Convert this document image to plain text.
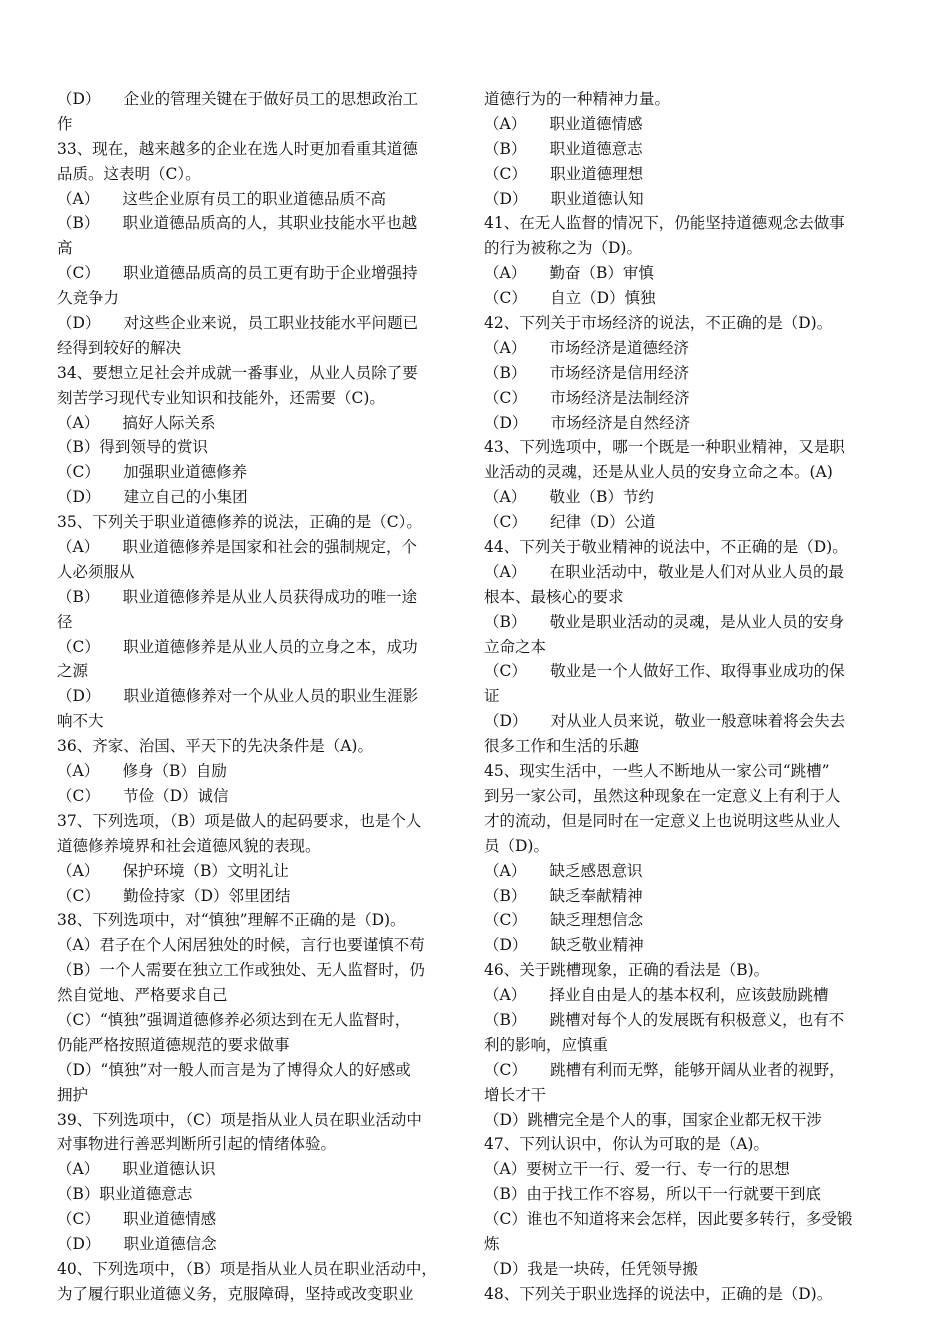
（D）　　企业的管理关键在于做好员工的思想政治工
作
33、现在，越来越多的企业在选人时更加看重其道德
品质。这表明（C）。
（A）　　这些企业原有员工的职业道德品质不高
（B）　　职业道德品质高的人，其职业技能水平也越
高
（C）　　职业道德品质高的员工更有助于企业增强持
久竞争力
（D）　　对这些企业来说，员工职业技能水平问题已
经得到较好的解决
34、要想立足社会并成就一番事业，从业人员除了要
刻苦学习现代专业知识和技能外，还需要（C)。
（A）　　搞好人际关系
（B）得到领导的赏识
（C）　　加强职业道德修养
（D）　　建立自己的小集团
35、下列关于职业道德修养的说法，正确的是（C）。
（A）　　职业道德修养是国家和社会的强制规定，个
人必须服从
（B）　　职业道德修养是从业人员获得成功的唯一途
径
（C）　　职业道德修养是从业人员的立身之本，成功
之源
（D）　　职业道德修养对一个从业人员的职业生涯影
响不大
36、齐家、治国、平天下的先决条件是（A)。
（A）　　修身（B）自励
（C）　　节俭（D）诚信
37、下列选项，（B）项是做人的起码要求，也是个人
道德修养境界和社会道德风貌的表现。
（A）　　保护环境（B）文明礼让
（C）　　勤俭持家（D）邻里团结
38、下列选项中，对“慎独”理解不正确的是（D)。
（A）君子在个人闲居独处的时候，言行也要谨慎不苟
（B）一个人需要在独立工作或独处、无人监督时，仍
然自觉地、严格要求自己
（C）“慎独”强调道德修养必须达到在无人监督时，
仍能严格按照道德规范的要求做事
（D）“慎独”对一般人而言是为了博得众人的好感或
拥护
39、下列选项中，（C）项是指从业人员在职业活动中
对事物进行善恶判断所引起的情绪体验。
（A）　　职业道德认识
（B）职业道德意志
（C）　　职业道德情感
（D）　　职业道德信念
40、下列选项中，（B）项是指从业人员在职业活动中，
为了履行职业道德义务，克服障碍，坚持或改变职业
道德行为的一种精神力量。
（A）　　职业道德情感
（B）　　职业道德意志
（C）　　职业道德理想
（D）　　职业道德认知
41、在无人监督的情况下，仍能坚持道德观念去做事
的行为被称之为（D)。
（A）　　勤奋（B）审慎
（C）　　自立（D）慎独
42、下列关于市场经济的说法，不正确的是（D)。
（A）　　市场经济是道德经济
（B）　　市场经济是信用经济
（C）　　市场经济是法制经济
（D）　　市场经济是自然经济
43、下列选项中，哪一个既是一种职业精神，又是职
业活动的灵魂，还是从业人员的安身立命之本。(A)
（A）　　敬业（B）节约
（C）　　纪律（D）公道
44、下列关于敬业精神的说法中，不正确的是（D)。
（A）　　在职业活动中，敬业是人们对从业人员的最
根本、最核心的要求
（B）　　敬业是职业活动的灵魂，是从业人员的安身
立命之本
（C）　　敬业是一个人做好工作、取得事业成功的保
证
（D）　　对从业人员来说，敬业一般意味着将会失去
很多工作和生活的乐趣
45、现实生活中，一些人不断地从一家公司“跳槽”
到另一家公司，虽然这种现象在一定意义上有利于人
才的流动，但是同时在一定意义上也说明这些从业人
员（D)。
（A）　　缺乏感恩意识
（B）　　缺乏奉献精神
（C）　　缺乏理想信念
（D）　　缺乏敬业精神
46、关于跳槽现象，正确的看法是（B)。
（A）　　择业自由是人的基本权利，应该鼓励跳槽
（B）　　跳槽对每个人的发展既有积极意义，也有不
利的影响，应慎重
（C）　　跳槽有利而无弊，能够开阔从业者的视野，
增长才干
（D）跳槽完全是个人的事，国家企业都无权干涉
47、下列认识中，你认为可取的是（A)。
（A）要树立干一行、爱一行、专一行的思想
（B）由于找工作不容易，所以干一行就要干到底
（C）谁也不知道将来会怎样，因此要多转行，多受锻
炼
（D）我是一块砖，任凭领导搬
48、下列关于职业选择的说法中，正确的是（D)。
